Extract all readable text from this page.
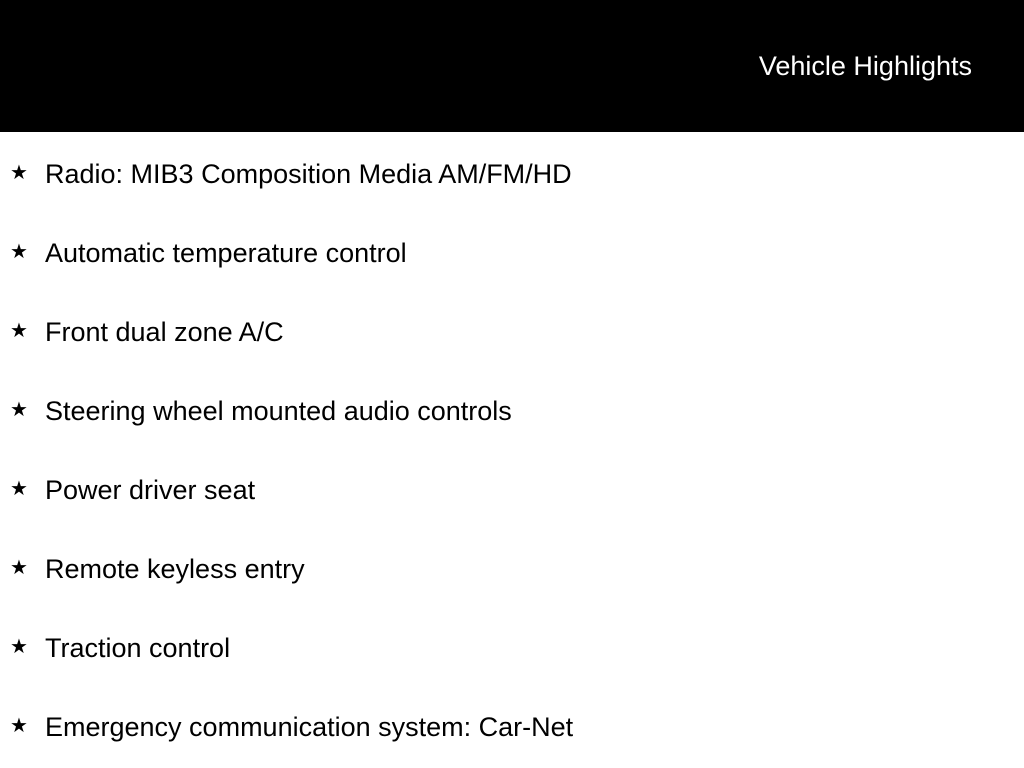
Vehicle Highlights
★ Radio: MIB3 Composition Media AM/FM/HD
★ Automatic temperature control
★ Front dual zone A/C
★ Steering wheel mounted audio controls
★ Power driver seat
★ Remote keyless entry
★ Traction control
★ Emergency communication system: Car-Net
